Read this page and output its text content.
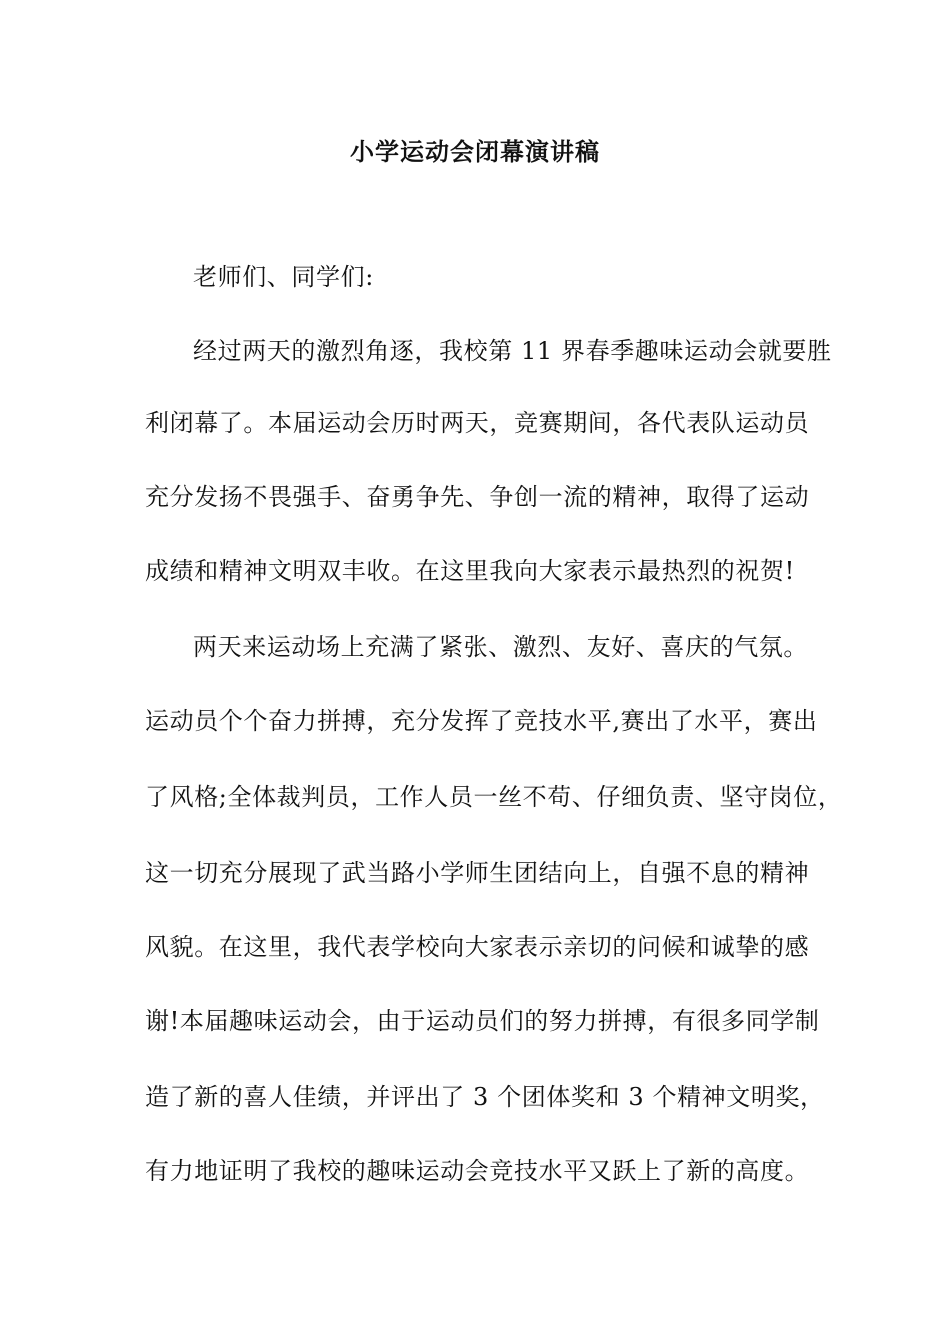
小学运动会闭幕演讲稿

老师们、同学们:

经过两天的激烈角逐，我校第 11 界春季趣味运动会就要胜

利闭幕了。本届运动会历时两天，竞赛期间，各代表队运动员

充分发扬不畏强手、奋勇争先、争创一流的精神，取得了运动

成绩和精神文明双丰收。在这里我向大家表示最热烈的祝贺!

两天来运动场上充满了紧张、激烈、友好、喜庆的气氛。

运动员个个奋力拼搏，充分发挥了竞技水平,赛出了水平，赛出

了风格;全体裁判员，工作人员一丝不苟、仔细负责、坚守岗位，

这一切充分展现了武当路小学师生团结向上，自强不息的精神

风貌。在这里，我代表学校向大家表示亲切的问候和诚挚的感

谢!本届趣味运动会，由于运动员们的努力拼搏，有很多同学制

造了新的喜人佳绩，并评出了 3 个团体奖和 3 个精神文明奖，

有力地证明了我校的趣味运动会竞技水平又跃上了新的高度。
